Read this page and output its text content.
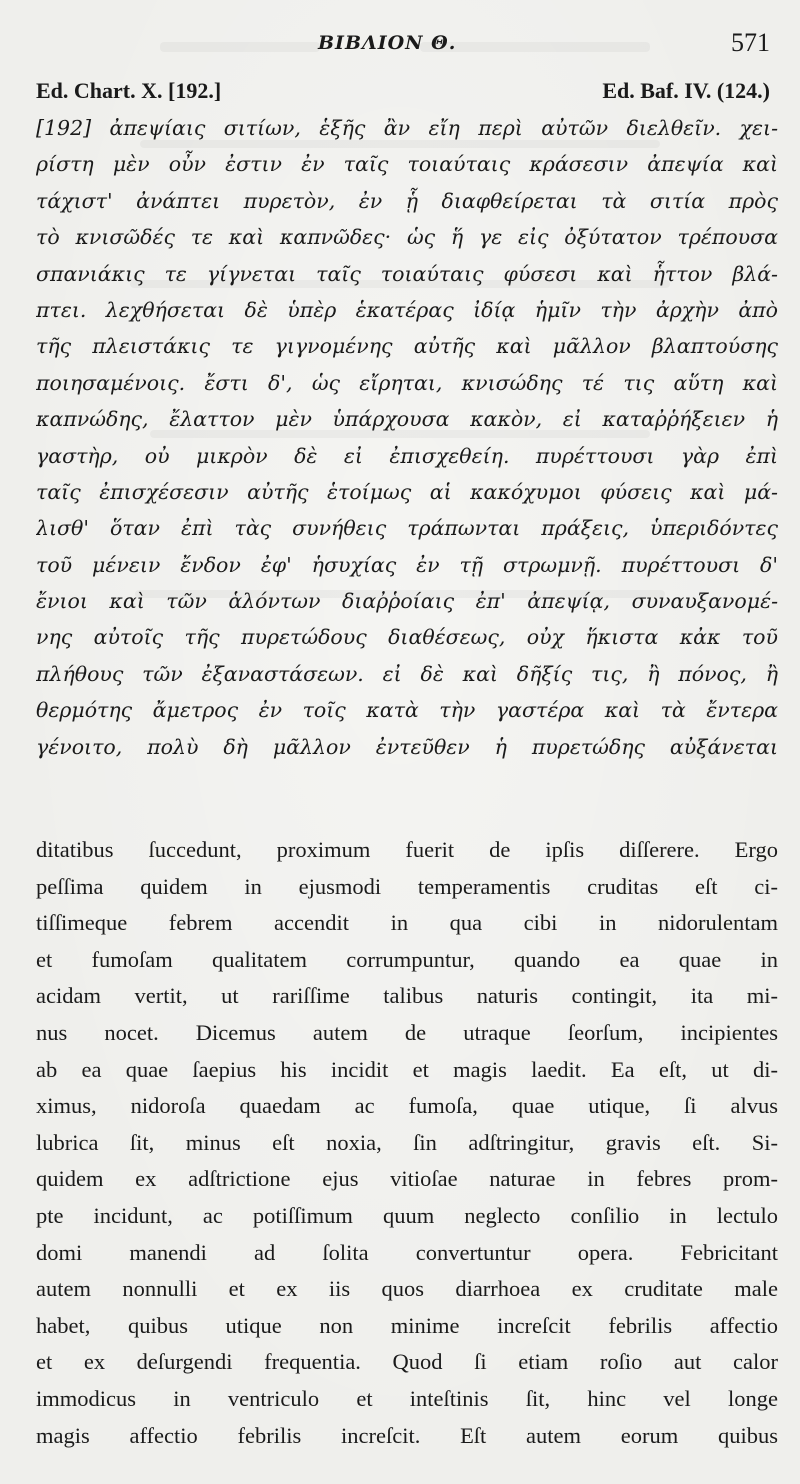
ΒΙΒΛΙΟΝ Θ.	571
Ed. Chart. X. [192.]	Ed. Baf. IV. (124.)
[192] ἀπεψίαις σιτίων, ἑξῆς ἂν εἴη περὶ αὐτῶν διελθεῖν. χει-
ρίστη μὲν οὖν ἐστιν ἐν ταῖς τοιαύταις κράσεσιν ἀπεψία καὶ
τάχιστ' ἀνάπτει πυρετὸν, ἐν ᾗ διαφθείρεται τὰ σιτία πρὸς
τὸ κνισῶδές τε καὶ καπνῶδες· ὡς ἥ γε εἰς ὀξύτατον τρέπουσα
σπανιάκις τε γίγνεται ταῖς τοιαύταις φύσεσι καὶ ἧττον βλά-
πτει. λεχθήσεται δὲ ὑπὲρ ἑκατέρας ἰδίᾳ ἡμῖν τὴν ἀρχὴν ἀπὸ
τῆς πλειστάκις τε γιγνομένης αὐτῆς καὶ μᾶλλον βλαπτούσης
ποιησαμένοις. ἔστι δ', ὡς εἴρηται, κνισώδης τέ τις αὕτη καὶ
καπνώδης, ἔλαττον μὲν ὑπάρχουσα κακὸν, εἰ καταῤῥήξειεν ἡ
γαστὴρ, οὐ μικρὸν δὲ εἰ ἐπισχεθείη. πυρέττουσι γὰρ ἐπὶ
ταῖς ἐπισχέσεσιν αὐτῆς ἑτοίμως αἱ κακόχυμοι φύσεις καὶ μά-
λισθ' ὅταν ἐπὶ τὰς συνήθεις τράπωνται πράξεις, ὑπεριδόντες
τοῦ μένειν ἔνδον ἐφ' ἡσυχίας ἐν τῇ στρωμνῇ. πυρέττουσι δ'
ἔνιοι καὶ τῶν ἁλόντων διαῤῥοίαις ἐπ' ἀπεψίᾳ, συναυξανομέ-
νης αὐτοῖς τῆς πυρετώδους διαθέσεως, οὐχ ἥκιστα κἀκ τοῦ
πλήθους τῶν ἐξαναστάσεων. εἰ δὲ καὶ δῆξίς τις, ἢ πόνος, ἢ
θερμότης ἄμετρος ἐν τοῖς κατὰ τὴν γαστέρα καὶ τὰ ἔντερα
γένοιτο, πολὺ δὴ μᾶλλον ἐντεῦθεν ἡ πυρετώδης αὐξάνεται
ditatibus ſuccedunt, proximum fuerit de ipſis diſſerere. Ergo
peſſima quidem in ejusmodi temperamentis cruditas eſt ci-
tiſſimeque febrem accendit in qua cibi in nidorulentam
et fumoſam qualitatem corrumpuntur, quando ea quae in
acidam vertit, ut rariſſime talibus naturis contingit, ita mi-
nus nocet. Dicemus autem de utraque ſeorſum, incipientes
ab ea quae ſaepius his incidit et magis laedit. Ea eſt, ut di-
ximus, nidoroſa quaedam ac fumoſa, quae utique, ſi alvus
lubrica ſit, minus eſt noxia, ſin adſtringitur, gravis eſt. Si-
quidem ex adſtrictione ejus vitioſae naturae in febres prom-
pte incidunt, ac potiſſimum quum neglecto conſilio in lectulo
domi manendi ad ſolita convertuntur opera. Febricitant
autem nonnulli et ex iis quos diarrhoea ex cruditate male
habet, quibus utique non minime increſcit febrilis affectio
et ex deſurgendi frequentia. Quod ſi etiam roſio aut calor
immodicus in ventriculo et inteſtinis ſit, hinc vel longe
magis affectio febrilis increſcit. Eſt autem eorum quibus
